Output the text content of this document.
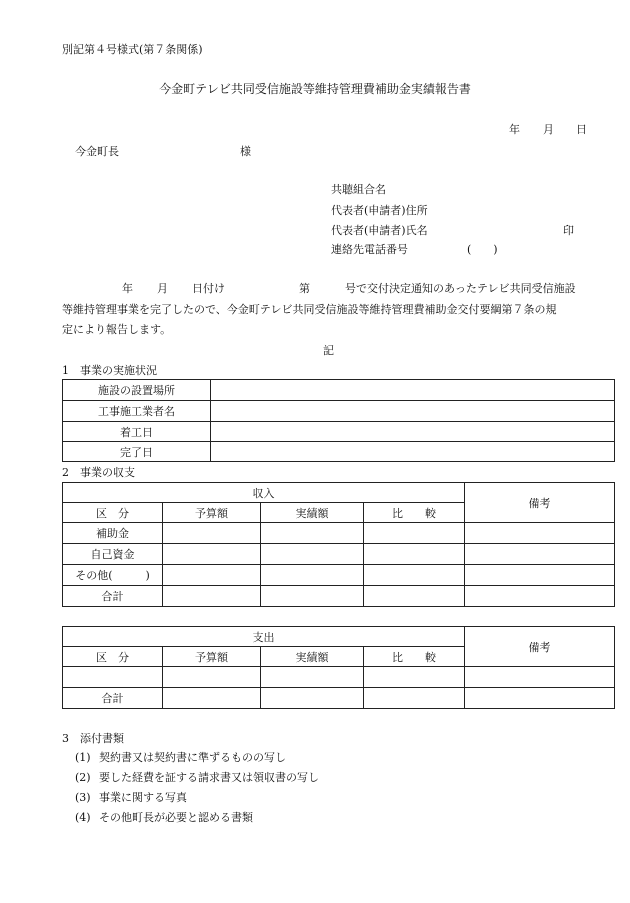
別記第４号様式(第７条関係)
今金町テレビ共同受信施設等維持管理費補助金実績報告書
年 月 日
今金町長	様
共聴組合名
代表者(申請者)住所
代表者(申請者)氏名	印
連絡先電話番号	(　　)
年 月 日付け	第	号で交付決定通知のあったテレビ共同受信施設
等維持管理事業を完了したので、今金町テレビ共同受信施設等維持管理費補助金交付要綱第７条の規
定により報告します。
記
1　事業の実施状況
施設の設置場所	
工事施工業者名	
着工日	
完了日	
2　事業の収支
収入				備考
区　分	予算額	実績額	比　　較	
補助金				
自己資金				
その他(　　　)				
合計				
支出				備考
区　分	予算額	実績額	比　　較	

合計				
3　添付書類
(1) 契約書又は契約書に準ずるものの写し
(2) 要した経費を証する請求書又は領収書の写し
(3) 事業に関する写真
(4) その他町長が必要と認める書類
